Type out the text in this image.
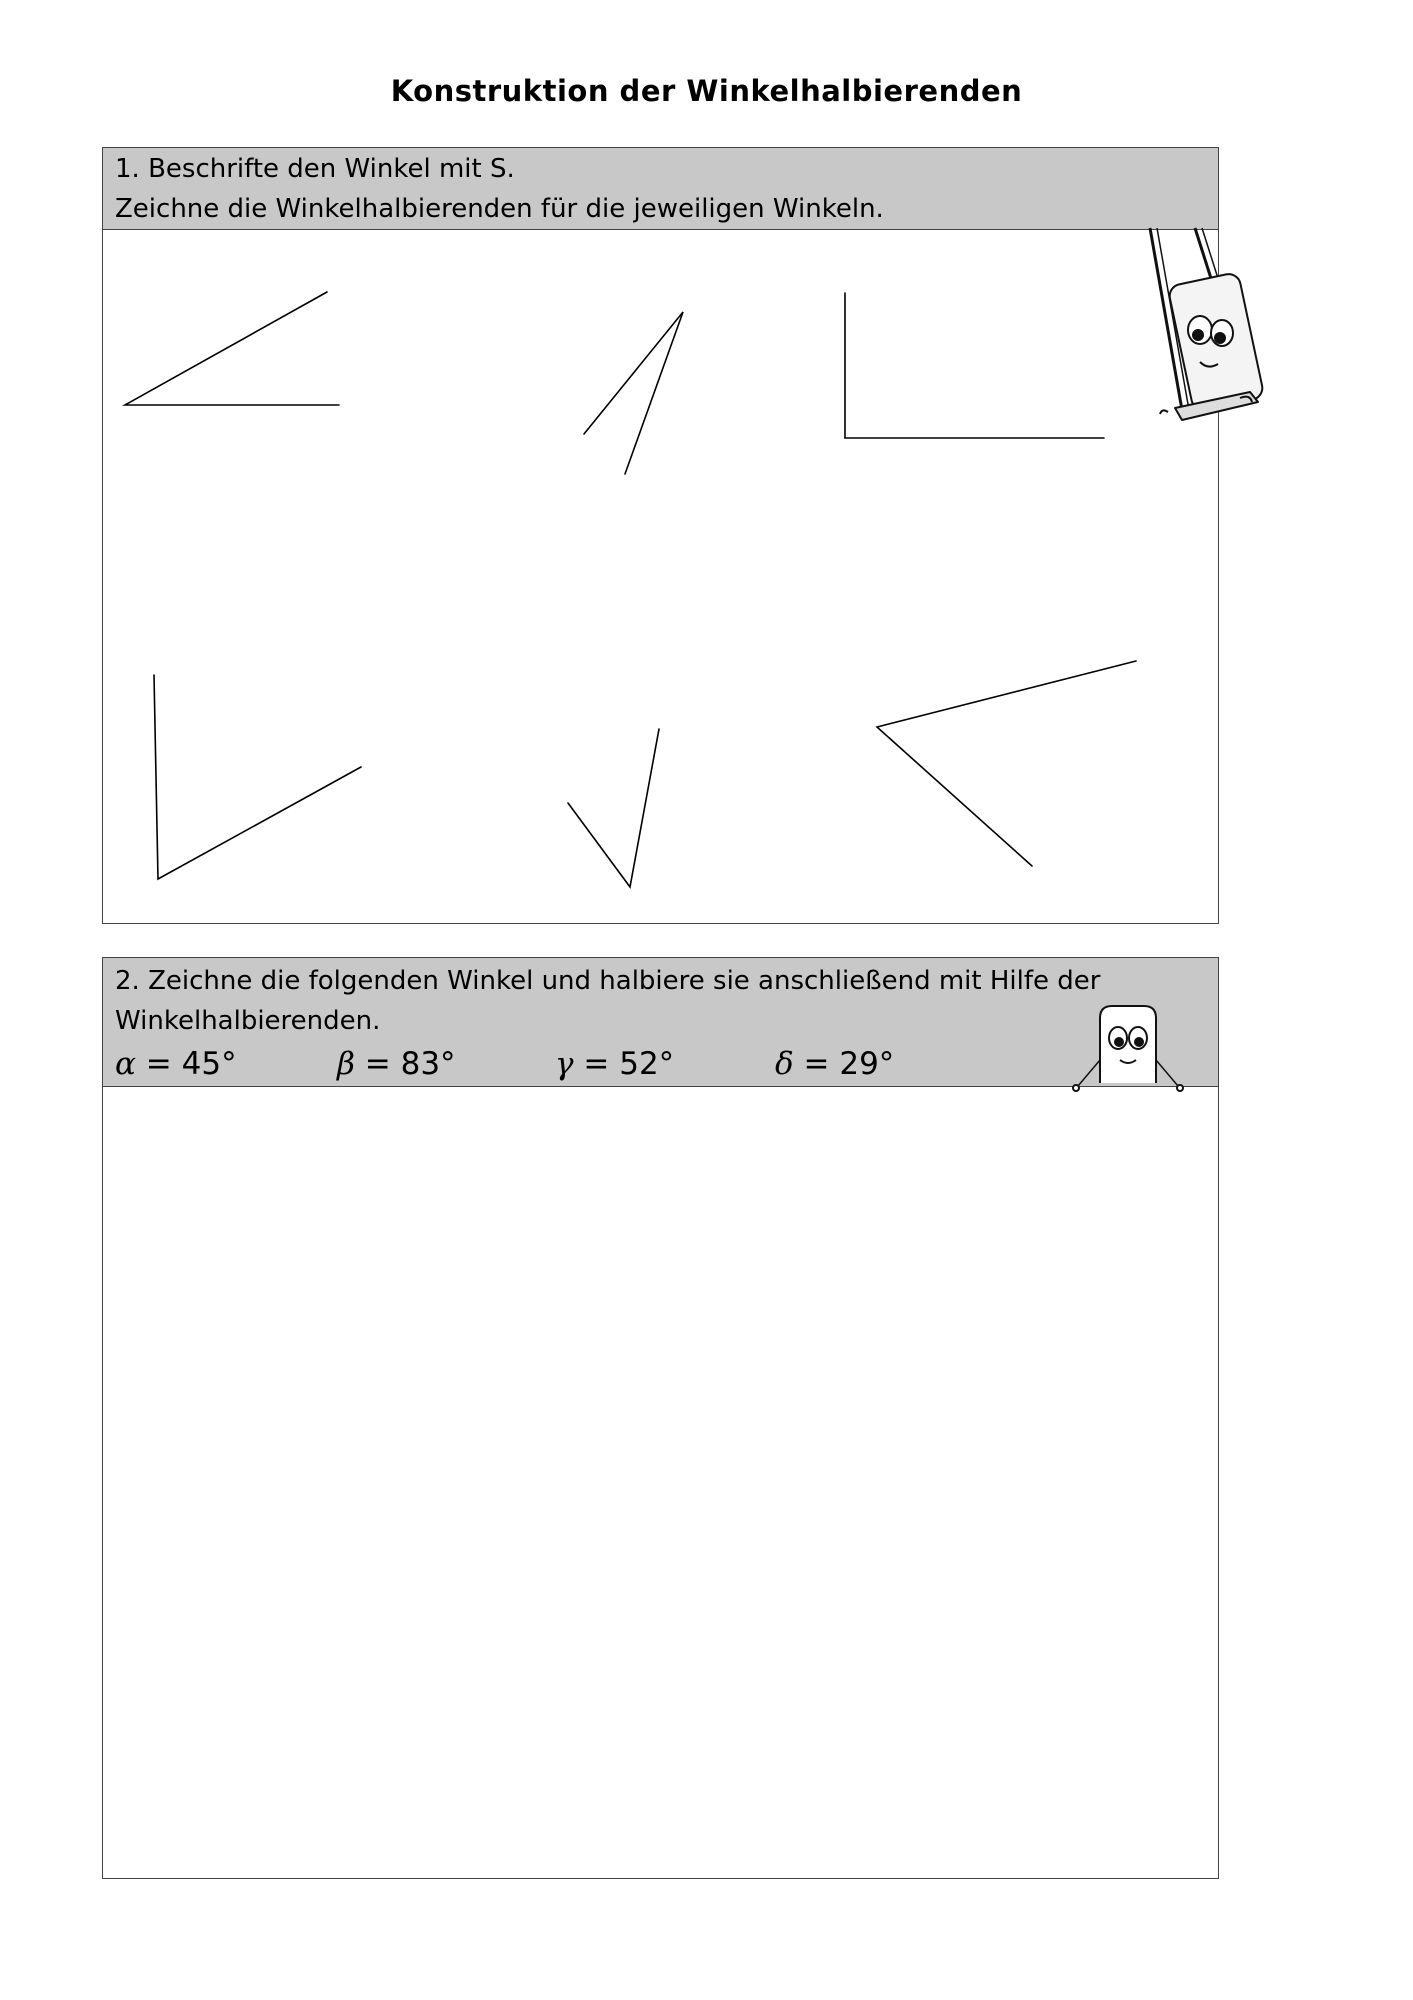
Konstruktion der Winkelhalbierenden
1. Beschrifte den Winkel mit S.
Zeichne die Winkelhalbierenden für die jeweiligen Winkeln.
2. Zeichne die folgenden Winkel und halbiere sie anschließend mit Hilfe der
Winkelhalbierenden.
α = 45°	β = 83°	γ = 52°	δ = 29°
